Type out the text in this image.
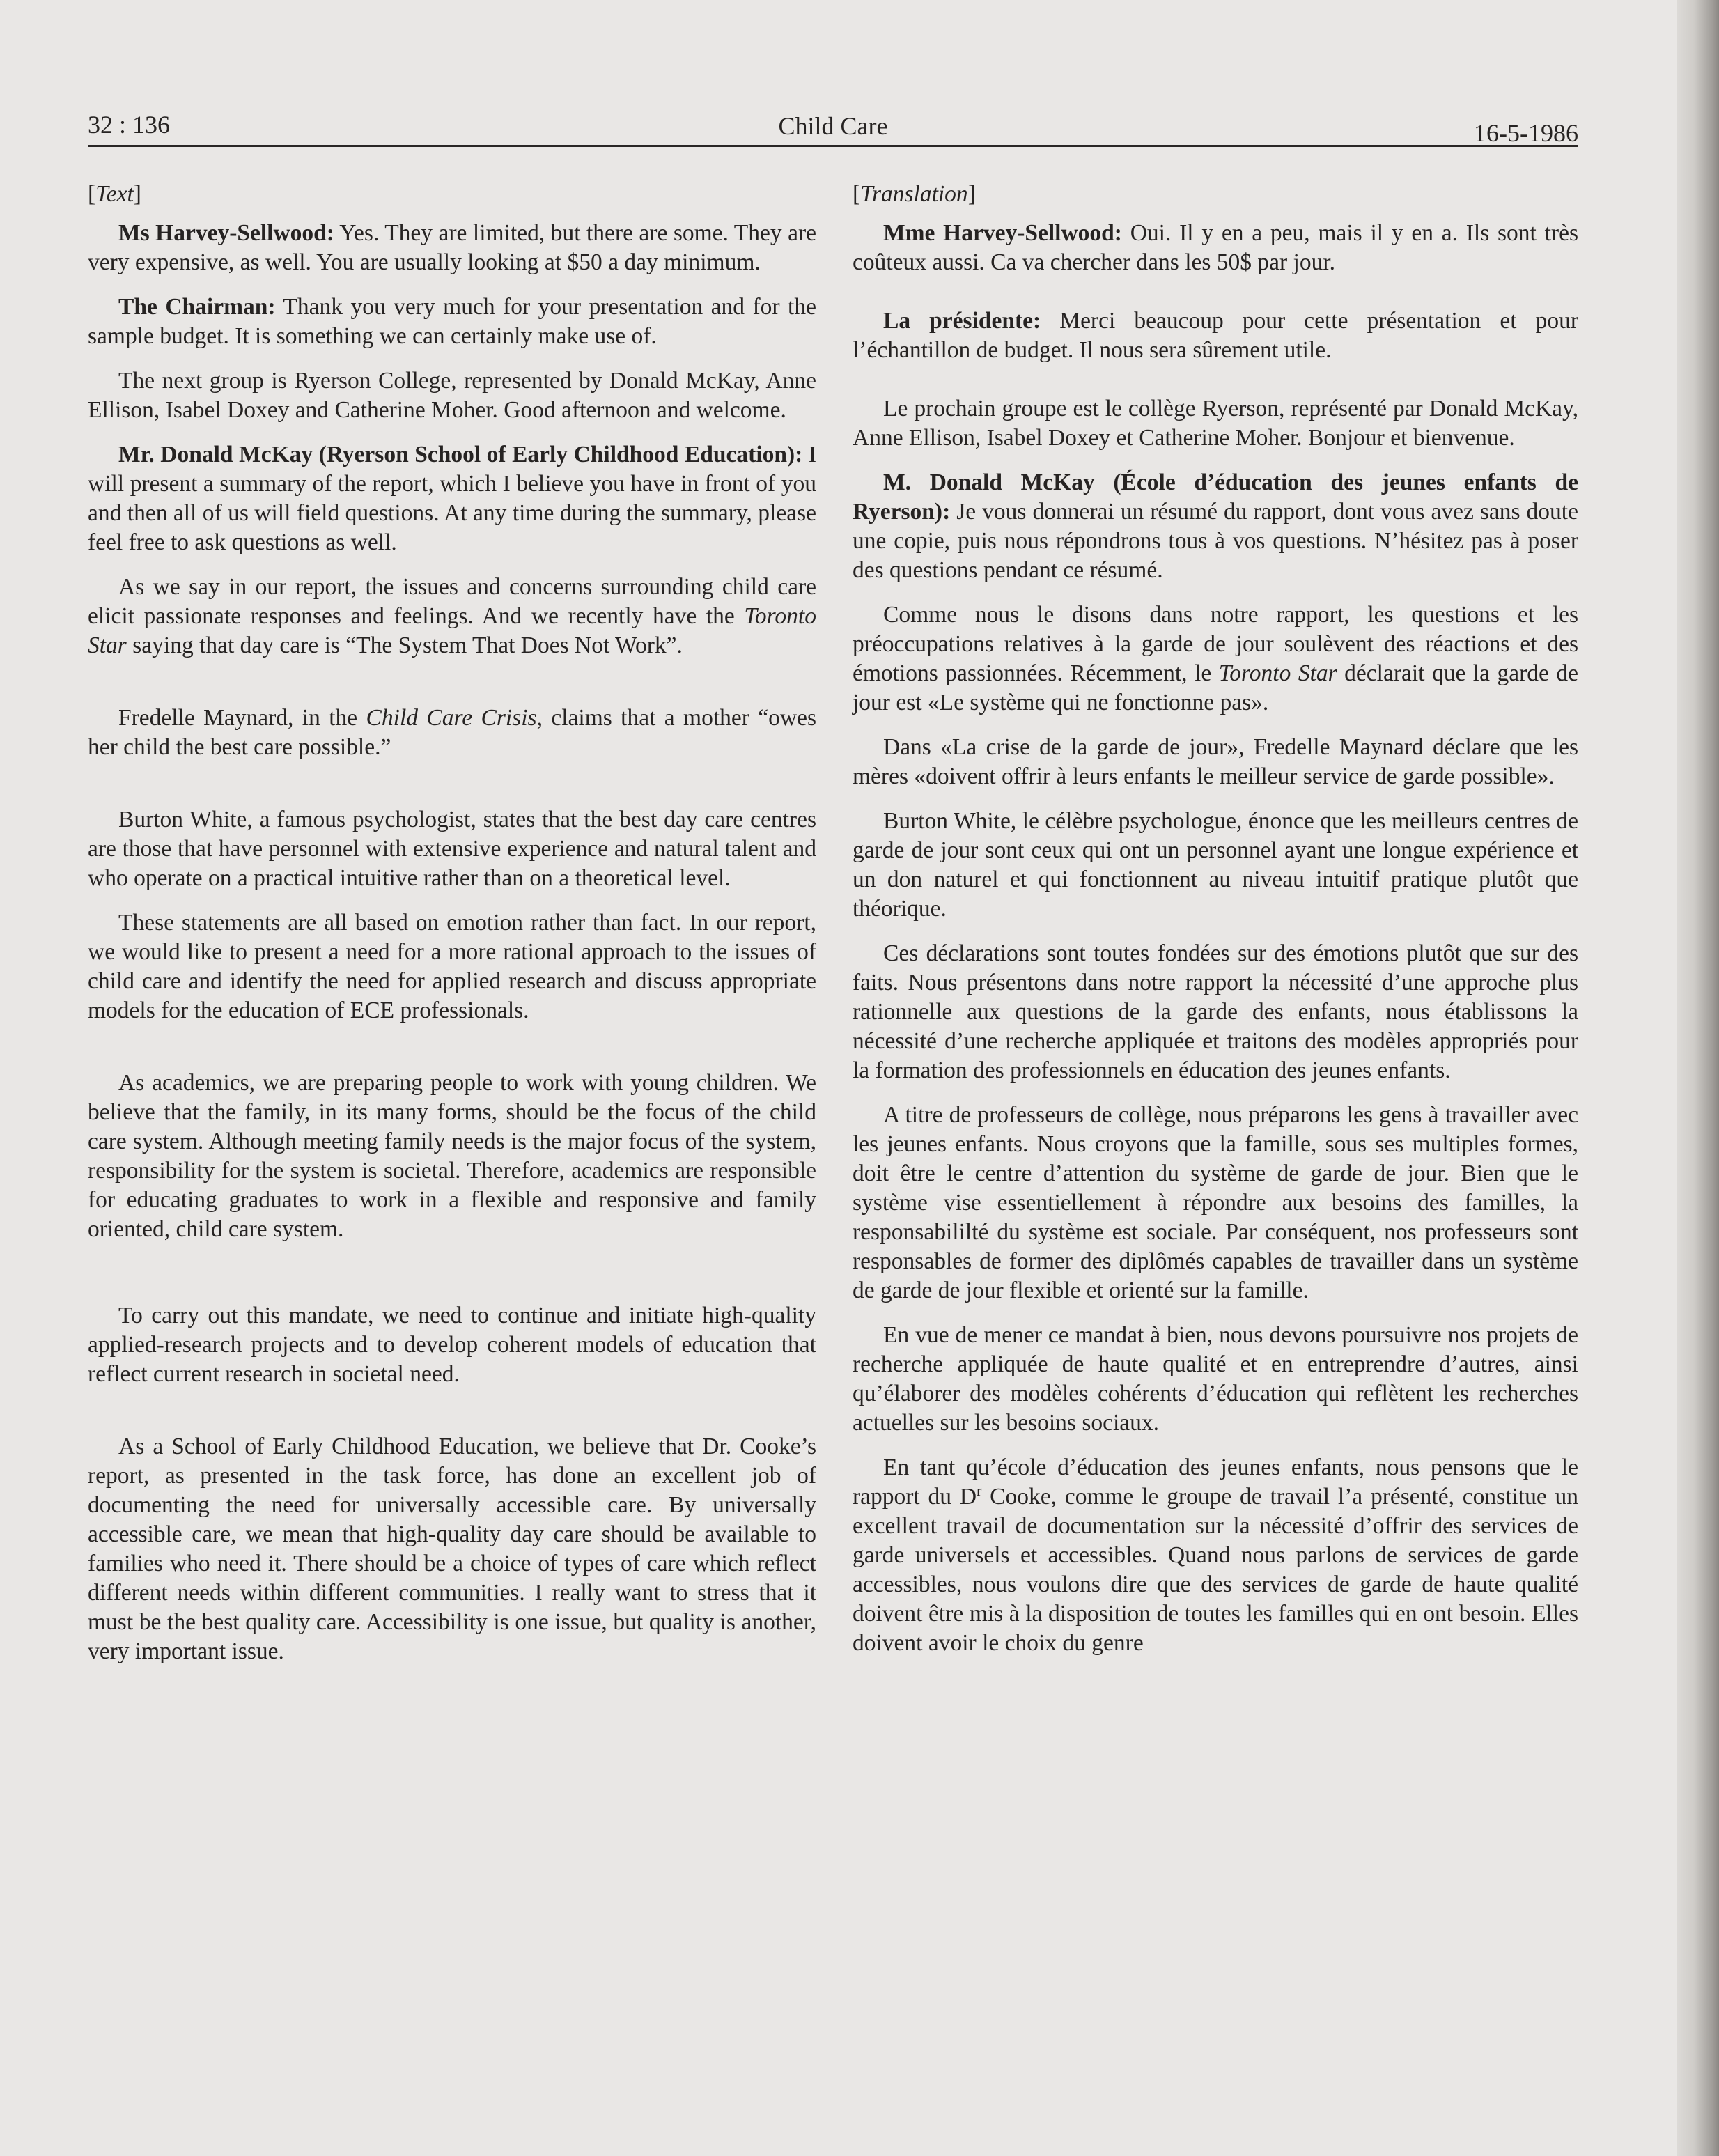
32 : 136	Child Care	16-5-1986

[Text]

Ms Harvey-Sellwood: Yes. They are limited, but there are some. They are very expensive, as well. You are usually looking at $50 a day minimum.

The Chairman: Thank you very much for your presentation and for the sample budget. It is something we can certainly make use of.

The next group is Ryerson College, represented by Donald McKay, Anne Ellison, Isabel Doxey and Catherine Moher. Good afternoon and welcome.

Mr. Donald McKay (Ryerson School of Early Childhood Education): I will present a summary of the report, which I believe you have in front of you and then all of us will field questions. At any time during the summary, please feel free to ask questions as well.

As we say in our report, the issues and concerns surrounding child care elicit passionate responses and feelings. And we recently have the Toronto Star saying that day care is “The System That Does Not Work”.

Fredelle Maynard, in the Child Care Crisis, claims that a mother “owes her child the best care possible.”

Burton White, a famous psychologist, states that the best day care centres are those that have personnel with extensive experience and natural talent and who operate on a practical intuitive rather than on a theoretical level.

These statements are all based on emotion rather than fact. In our report, we would like to present a need for a more rational approach to the issues of child care and identify the need for applied research and discuss appropriate models for the education of ECE professionals.

As academics, we are preparing people to work with young children. We believe that the family, in its many forms, should be the focus of the child care system. Although meeting family needs is the major focus of the system, responsibility for the system is societal. Therefore, academics are responsible for educating graduates to work in a flexible and responsive and family oriented, child care system.

To carry out this mandate, we need to continue and initiate high-quality applied-research projects and to develop coherent models of education that reflect current research in societal need.

As a School of Early Childhood Education, we believe that Dr. Cooke’s report, as presented in the task force, has done an excellent job of documenting the need for universally accessible care. By universally accessible care, we mean that high-quality day care should be available to families who need it. There should be a choice of types of care which reflect different needs within different communities. I really want to stress that it must be the best quality care. Accessibility is one issue, but quality is another, very important issue.

[Translation]

Mme Harvey-Sellwood: Oui. Il y en a peu, mais il y en a. Ils sont très coûteux aussi. Ca va chercher dans les 50$ par jour.

La présidente: Merci beaucoup pour cette présentation et pour l’échantillon de budget. Il nous sera sûrement utile.

Le prochain groupe est le collège Ryerson, représenté par Donald McKay, Anne Ellison, Isabel Doxey et Catherine Moher. Bonjour et bienvenue.

M. Donald McKay (École d’éducation des jeunes enfants de Ryerson): Je vous donnerai un résumé du rapport, dont vous avez sans doute une copie, puis nous répondrons tous à vos questions. N’hésitez pas à poser des questions pendant ce résumé.

Comme nous le disons dans notre rapport, les questions et les préoccupations relatives à la garde de jour soulèvent des réactions et des émotions passionnées. Récemment, le Toronto Star déclarait que la garde de jour est «Le système qui ne fonctionne pas».

Dans «La crise de la garde de jour», Fredelle Maynard déclare que les mères «doivent offrir à leurs enfants le meilleur service de garde possible».

Burton White, le célèbre psychologue, énonce que les meilleurs centres de garde de jour sont ceux qui ont un personnel ayant une longue expérience et un don naturel et qui fonctionnent au niveau intuitif pratique plutôt que théorique.

Ces déclarations sont toutes fondées sur des émotions plutôt que sur des faits. Nous présentons dans notre rapport la nécessité d’une approche plus rationnelle aux questions de la garde des enfants, nous établissons la nécessité d’une recherche appliquée et traitons des modèles appropriés pour la formation des professionnels en éducation des jeunes enfants.

A titre de professeurs de collège, nous préparons les gens à travailler avec les jeunes enfants. Nous croyons que la famille, sous ses multiples formes, doit être le centre d’attention du système de garde de jour. Bien que le système vise essentiellement à répondre aux besoins des familles, la responsabililté du système est sociale. Par conséquent, nos professeurs sont responsables de former des diplômés capables de travailler dans un système de garde de jour flexible et orienté sur la famille.

En vue de mener ce mandat à bien, nous devons poursuivre nos projets de recherche appliquée de haute qualité et en entreprendre d’autres, ainsi qu’élaborer des modèles cohérents d’éducation qui reflètent les recherches actuelles sur les besoins sociaux.

En tant qu’école d’éducation des jeunes enfants, nous pensons que le rapport du $D^r$ Cooke, comme le groupe de travail l’a présenté, constitue un excellent travail de documentation sur la nécessité d’offrir des services de garde universels et accessibles. Quand nous parlons de services de garde accessibles, nous voulons dire que des services de garde de haute qualité doivent être mis à la disposition de toutes les familles qui en ont besoin. Elles doivent avoir le choix du genre
